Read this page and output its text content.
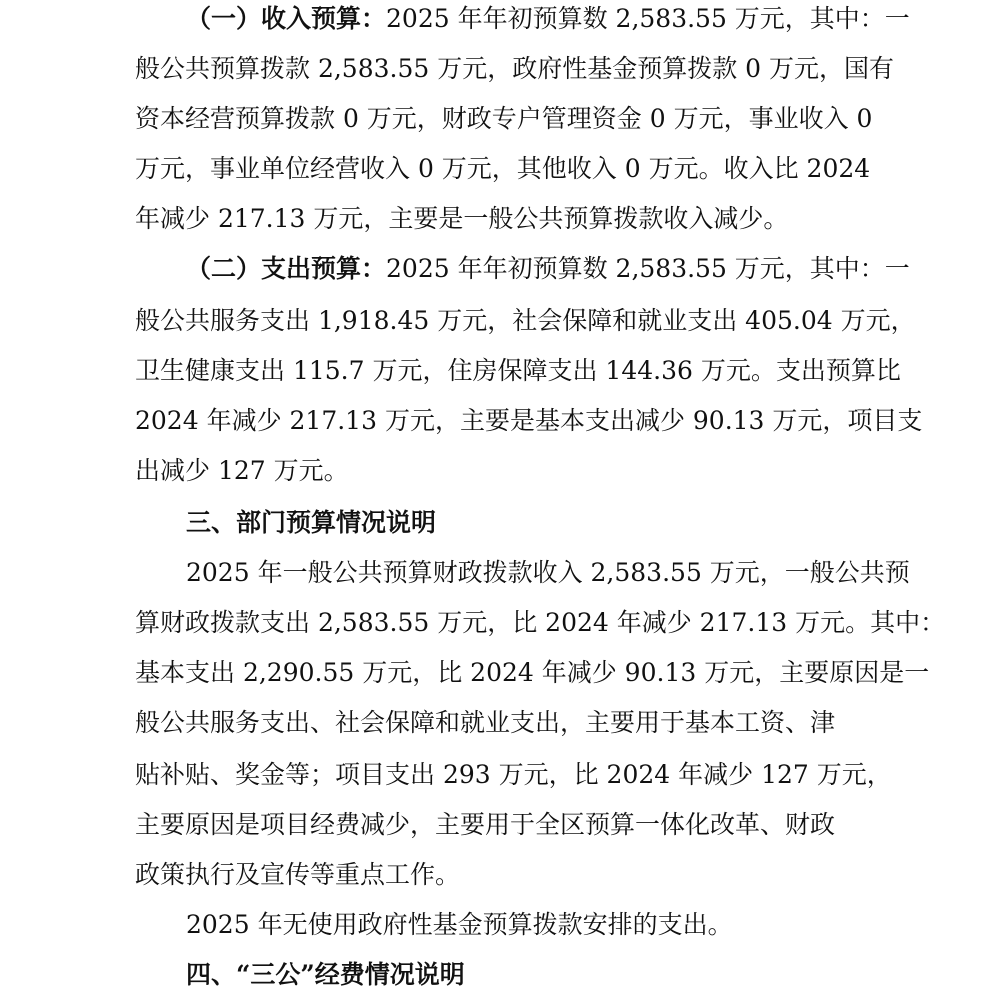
（一）收入预算：2025 年年初预算数 2,583.55 万元，其中：一
般公共预算拨款 2,583.55 万元，政府性基金预算拨款 0 万元，国有
资本经营预算拨款 0 万元，财政专户管理资金 0 万元，事业收入 0
万元，事业单位经营收入 0 万元，其他收入 0 万元。收入比 2024
年减少 217.13 万元，主要是一般公共预算拨款收入减少。
（二）支出预算：2025 年年初预算数 2,583.55 万元，其中：一
般公共服务支出 1,918.45 万元，社会保障和就业支出 405.04 万元，
卫生健康支出 115.7 万元，住房保障支出 144.36 万元。支出预算比
2024 年减少 217.13 万元，主要是基本支出减少 90.13 万元，项目支
出减少 127 万元。
三、部门预算情况说明
2025 年一般公共预算财政拨款收入 2,583.55 万元，一般公共预
算财政拨款支出 2,583.55 万元，比 2024 年减少 217.13 万元。其中：
基本支出 2,290.55 万元，比 2024 年减少 90.13 万元，主要原因是一
般公共服务支出、社会保障和就业支出，主要用于基本工资、津
贴补贴、奖金等；项目支出 293 万元，比 2024 年减少 127 万元，
主要原因是项目经费减少，主要用于全区预算一体化改革、财政
政策执行及宣传等重点工作。
2025 年无使用政府性基金预算拨款安排的支出。
四、“三公”经费情况说明
